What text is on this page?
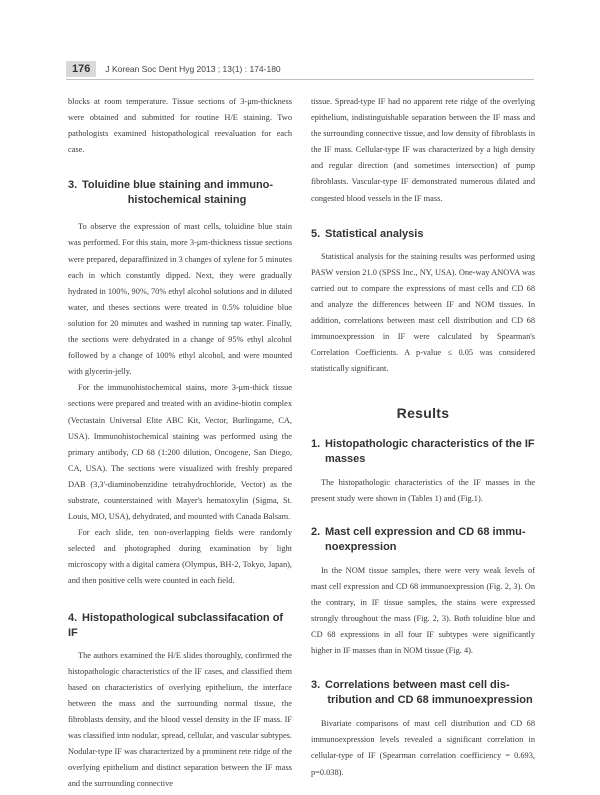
176	J Korean Soc Dent Hyg 2013 ; 13(1) : 174-180

blocks at room temperature. Tissue sections of 3-μm-thickness were obtained and submitted for routine H/E staining. Two pathologists examined histopathological reevaluation for each case.

3. Toluidine blue staining and immuno-
histochemical staining

To observe the expression of mast cells, toluidine blue stain was performed. For this stain, more 3-μm-thickness tissue sections were prepared, deparaffinized in 3 changes of xylene for 5 minutes each in which constantly dipped. Next, they were gradually hydrated in 100%, 90%, 70% ethyl alcohol solutions and in diluted water, and theses sections were treated in 0.5% toluidine blue solution for 20 minutes and washed in running tap water. Finally, the sections were dehydrated in a change of 95% ethyl alcohol followed by a change of 100% ethyl alcohol, and were mounted with glycerin-jelly.

For the immunohistochemical stains, more 3-μm-thick tissue sections were prepared and treated with an avidine-biotin complex (Vectastain Universal Elite ABC Kit, Vector, Burlingame, CA, USA). Immunohistochemical staining was performed using the primary antibody, CD 68 (1:200 dilution, Oncogene, San Diego, CA, USA). The sections were visualized with freshly prepared DAB (3,3'-diaminobenzidine tetrahydrochloride, Vector) as the substrate, counterstained with Mayer's hematoxylin (Sigma, St. Louis, MO, USA), dehydrated, and mounted with Canada Balsam.

For each slide, ten non-overlapping fields were randomly selected and photographed during examination by light microscopy with a digital camera (Olympus, BH-2, Tokyo, Japan), and then positive cells were counted in each field.

4. Histopathological subclassifacation of IF

The authors examined the H/E slides thoroughly, confirmed the histopathologic characteristics of the IF cases, and classified them based on characteristics of overlying epithelium, the interface between the mass and the surrounding normal tissue, the fibroblasts density, and the blood vessel density in the IF mass. IF was classified into nodular, spread, cellular, and vascular subtypes. Nodular-type IF was characterized by a prominent rete ridge of the overlying epithelium and distinct separation between the IF mass and the surrounding connective

tissue. Spread-type IF had no apparent rete ridge of the overlying epithelium, indistinguishable separation between the IF mass and the surrounding connective tissue, and low density of fibroblasts in the IF mass. Cellular-type IF was characterized by a high density and regular direction (and sometimes intersection) of pump fibroblasts. Vascular-type IF demonstrated numerous dilated and congested blood vessels in the IF mass.

5. Statistical analysis

Statistical analysis for the staining results was performed using PASW version 21.0 (SPSS Inc., NY, USA). One-way ANOVA was carried out to compare the expressions of mast cells and CD 68 and analyze the differences between IF and NOM tissues. In addition, correlations between mast cell distribution and CD 68 immunoexpression in IF were calculated by Spearman's Correlation Coefficients. A p-value ≤ 0.05 was considered statistically significant.

Results
1. Histopathologic characteristics of the IF
masses

The histopathologic characteristics of the IF masses in the present study were shown in (Tables 1) and (Fig.1).

2. Mast cell expression and CD 68 immu-
noexpression

In the NOM tissue samples, there were very weak levels of mast cell expression and CD 68 immunoexpression (Fig. 2, 3). On the contrary, in IF tissue samples, the stains were expressed strongly throughout the mass (Fig. 2, 3). Both toluidine blue and CD 68 expressions in all four IF subtypes were significantly higher in IF masses than in NOM tissue (Fig. 4).

3. Correlations between mast cell dis-
tribution and CD 68 immunoexpression

Bivariate comparisons of mast cell distribution and CD 68 immunoexpression levels revealed a significant correlation in cellular-type of IF (Spearman correlation coefficiency = 0.693, p=0.038).
